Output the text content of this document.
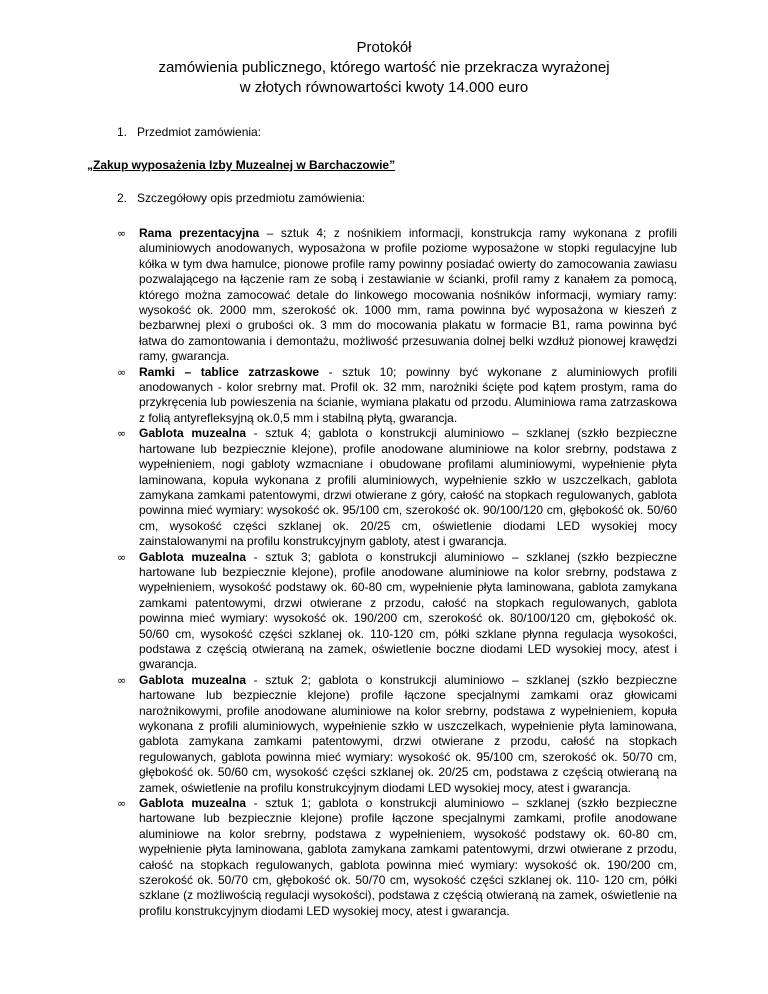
Protokół
zamówienia publicznego, którego wartość nie przekracza wyrażonej
w złotych równowartości kwoty 14.000 euro
1. Przedmiot zamówienia:
„Zakup wyposażenia Izby Muzealnej w Barchaczowie”
2. Szczegółowy opis przedmiotu zamówienia:
∞ Rama prezentacyjna – sztuk 4; z nośnikiem informacji, konstrukcja ramy wykonana z profili aluminiowych anodowanych, wyposażona w profile poziome wyposażone w stopki regulacyjne lub kółka w tym dwa hamulce, pionowe profile ramy powinny posiadać owierty do zamocowania zawiasu pozwalającego na łączenie ram ze sobą i zestawianie w ścianki, profil ramy z kanałem za pomocą, którego można zamocować detale do linkowego mocowania nośników informacji, wymiary ramy: wysokość ok. 2000 mm, szerokość ok. 1000 mm, rama powinna być wyposażona w kieszeń z bezbarwnej plexi o grubości ok. 3 mm do mocowania plakatu w formacie B1, rama powinna być łatwa do zamontowania i demontażu, możliwość przesuwania dolnej belki wzdłuż pionowej krawędzi ramy, gwarancja.
∞ Ramki – tablice zatrzaskowe - sztuk 10; powinny być wykonane z aluminiowych profili anodowanych - kolor srebrny mat. Profil ok. 32 mm, narożniki ścięte pod kątem prostym, rama do przykręcenia lub powieszenia na ścianie, wymiana plakatu od przodu. Aluminiowa rama zatrzaskowa z folią antyrefleksyjną ok.0,5 mm i stabilną płytą, gwarancja.
∞ Gablota muzealna - sztuk 4; gablota o konstrukcji aluminiowo – szklanej (szkło bezpieczne hartowane lub bezpiecznie klejone), profile anodowane aluminiowe na kolor srebrny, podstawa z wypełnieniem, nogi gabloty wzmacniane i obudowane profilami aluminiowymi, wypełnienie płyta laminowana, kopuła wykonana z profili aluminiowych, wypełnienie szkło w uszczelkach, gablota zamykana zamkami patentowymi, drzwi otwierane z góry, całość na stopkach regulowanych, gablota powinna mieć wymiary: wysokość ok. 95/100 cm, szerokość ok. 90/100/120 cm, głębokość ok. 50/60 cm, wysokość części szklanej ok. 20/25 cm, oświetlenie diodami LED wysokiej mocy zainstalowanymi na profilu konstrukcyjnym gabloty, atest i gwarancja.
∞ Gablota muzealna - sztuk 3; gablota o konstrukcji aluminiowo – szklanej (szkło bezpieczne hartowane lub bezpiecznie klejone), profile anodowane aluminiowe na kolor srebrny, podstawa z wypełnieniem, wysokość podstawy ok. 60-80 cm, wypełnienie płyta laminowana, gablota zamykana zamkami patentowymi, drzwi otwierane z przodu, całość na stopkach regulowanych, gablota powinna mieć wymiary: wysokość ok. 190/200 cm, szerokość ok. 80/100/120 cm, głębokość ok. 50/60 cm, wysokość części szklanej ok. 110-120 cm, półki szklane płynna regulacja wysokości, podstawa z częścią otwieraną na zamek, oświetlenie boczne diodami LED wysokiej mocy, atest i gwarancja.
∞ Gablota muzealna - sztuk 2; gablota o konstrukcji aluminiowo – szklanej (szkło bezpieczne hartowane lub bezpiecznie klejone) profile łączone specjalnymi zamkami oraz głowicami narożnikowymi, profile anodowane aluminiowe na kolor srebrny, podstawa z wypełnieniem, kopuła wykonana z profili aluminiowych, wypełnienie szkło w uszczelkach, wypełnienie płyta laminowana, gablota zamykana zamkami patentowymi, drzwi otwierane z przodu, całość na stopkach regulowanych, gablota powinna mieć wymiary: wysokość ok. 95/100 cm, szerokość ok. 50/70 cm, głębokość ok. 50/60 cm, wysokość części szklanej ok. 20/25 cm, podstawa z częścią otwieraną na zamek, oświetlenie na profilu konstrukcyjnym diodami LED wysokiej mocy, atest i gwarancja.
∞ Gablota muzealna - sztuk 1; gablota o konstrukcji aluminiowo – szklanej (szkło bezpieczne hartowane lub bezpiecznie klejone) profile łączone specjalnymi zamkami, profile anodowane aluminiowe na kolor srebrny, podstawa z wypełnieniem, wysokość podstawy ok. 60-80 cm, wypełnienie płyta laminowana, gablota zamykana zamkami patentowymi, drzwi otwierane z przodu, całość na stopkach regulowanych, gablota powinna mieć wymiary: wysokość ok. 190/200 cm, szerokość ok. 50/70 cm, głębokość ok. 50/70 cm, wysokość części szklanej ok. 110- 120 cm, półki szklane (z możliwością regulacji wysokości), podstawa z częścią otwieraną na zamek, oświetlenie na profilu konstrukcyjnym diodami LED wysokiej mocy, atest i gwarancja.
